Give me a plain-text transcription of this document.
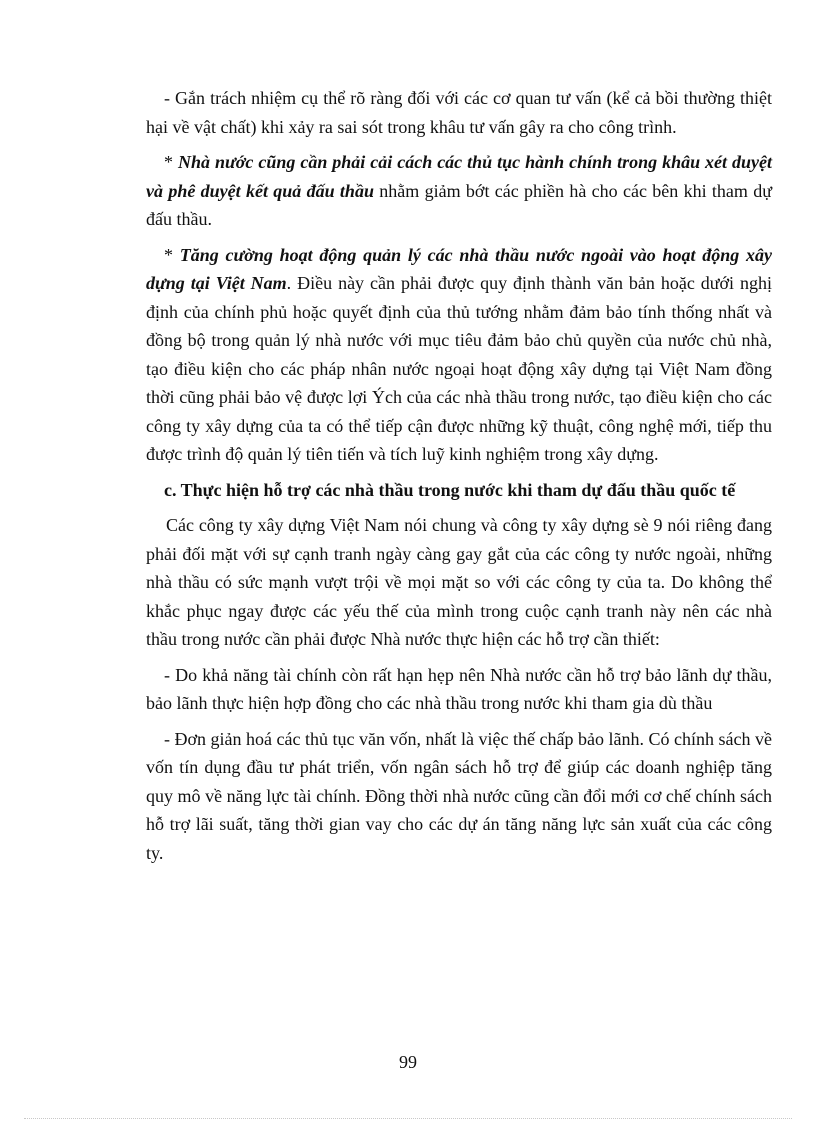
- Gắn trách nhiệm cụ thể rõ ràng đối với các cơ quan tư vấn (kể cả bồi thường thiệt hại về vật chất) khi xảy ra sai sót trong khâu tư vấn gây ra cho công trình.

* Nhà nước cũng cần phải cải cách các thủ tục hành chính trong khâu xét duyệt và phê duyệt kết quả đấu thầu nhằm giảm bớt các phiền hà cho các bên khi tham dự đấu thầu.

* Tăng cường hoạt động quản lý các nhà thầu nước ngoài vào hoạt động xây dựng tại Việt Nam. Điều này cần phải được quy định thành văn bản hoặc dưới nghị định của chính phủ hoặc quyết định của thủ tướng nhằm đảm bảo tính thống nhất và đồng bộ trong quản lý nhà nước với mục tiêu đảm bảo chủ quyền của nước chủ nhà, tạo điều kiện cho các pháp nhân nước ngoại hoạt động xây dựng tại Việt Nam đồng thời cũng phải bảo vệ được lợi Ých của các nhà thầu trong nước, tạo điều kiện cho các công ty xây dựng của ta có thể tiếp cận được những kỹ thuật, công nghệ mới, tiếp thu được trình độ quản lý tiên tiến và tích luỹ kinh nghiệm trong xây dựng.

c. Thực hiện hỗ trợ các nhà thầu trong nước khi tham dự đấu thầu quốc tế

Các công ty xây dựng Việt Nam nói chung và công ty xây dựng sè 9 nói riêng đang phải đối mặt với sự cạnh tranh ngày càng gay gắt của các công ty nước ngoài, những nhà thầu có sức mạnh vượt trội về mọi mặt so với các công ty của ta. Do không thể khắc phục ngay được các yếu thế của mình trong cuộc cạnh tranh này nên các nhà thầu trong nước cần phải được Nhà nước thực hiện các hỗ trợ cần thiết:

- Do khả năng tài chính còn rất hạn hẹp nên Nhà nước cần hỗ trợ bảo lãnh dự thầu, bảo lãnh thực hiện hợp đồng cho các nhà thầu trong nước khi tham gia dù thầu

- Đơn giản hoá các thủ tục văn vốn, nhất là việc thế chấp bảo lãnh. Có chính sách về vốn tín dụng đầu tư phát triển, vốn ngân sách hỗ trợ để giúp các doanh nghiệp tăng quy mô về năng lực tài chính. Đồng thời nhà nước cũng cần đổi mới cơ chế chính sách hỗ trợ lãi suất, tăng thời gian vay cho các dự án tăng năng lực sản xuất của các công ty.

99
